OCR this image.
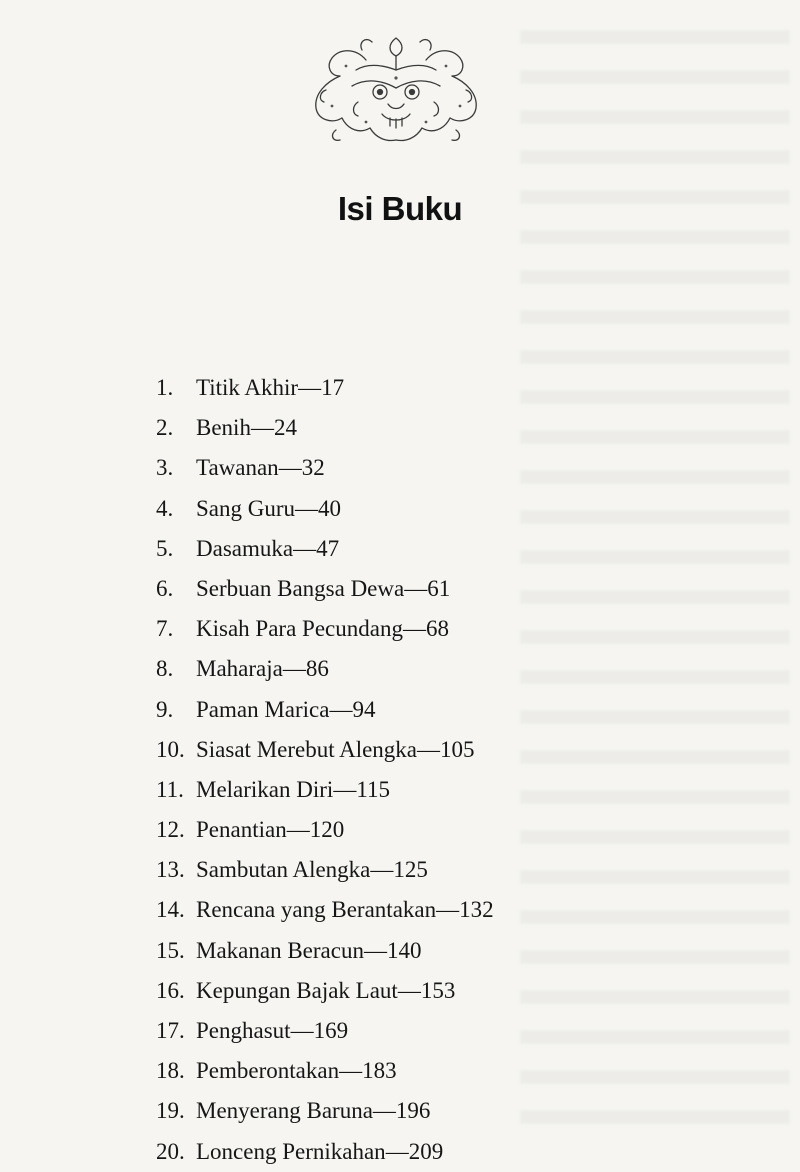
Isi Buku
1. Titik Akhir—17
2. Benih—24
3. Tawanan—32
4. Sang Guru—40
5. Dasamuka—47
6. Serbuan Bangsa Dewa—61
7. Kisah Para Pecundang—68
8. Maharaja—86
9. Paman Marica—94
10. Siasat Merebut Alengka—105
11. Melarikan Diri—115
12. Penantian—120
13. Sambutan Alengka—125
14. Rencana yang Berantakan—132
15. Makanan Beracun—140
16. Kepungan Bajak Laut—153
17. Penghasut—169
18. Pemberontakan—183
19. Menyerang Baruna—196
20. Lonceng Pernikahan—209
